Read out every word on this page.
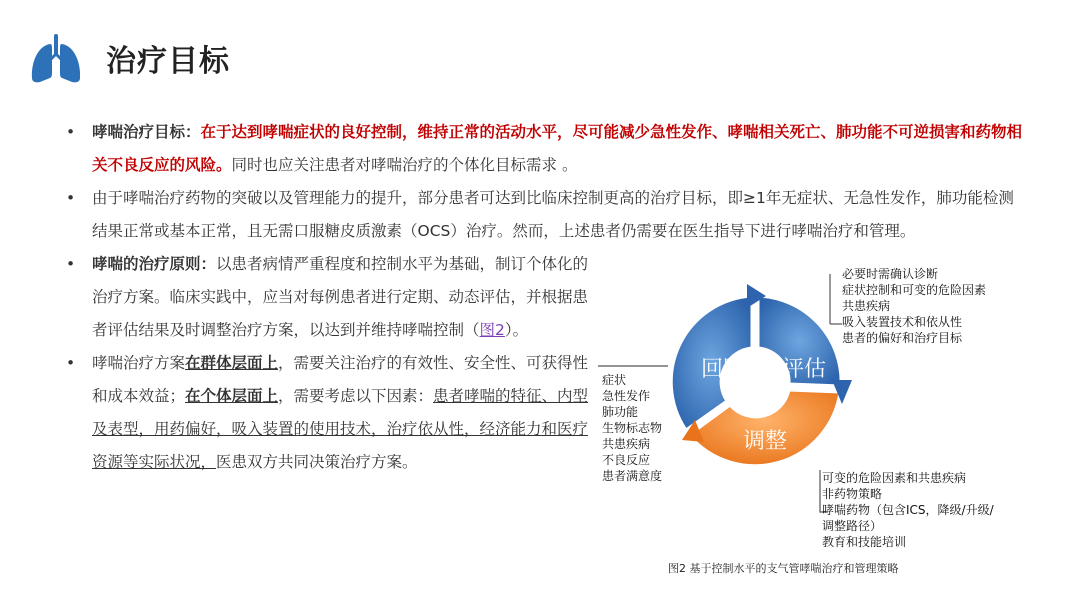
治疗目标
• 哮喘治疗目标：在于达到哮喘症状的良好控制，维持正常的活动水平，尽可能减少急性发作、哮喘相关死亡、肺功能不可逆损害和药物相关不良反应的风险。同时也应关注患者对哮喘治疗的个体化目标需求 。
• 由于哮喘治疗药物的突破以及管理能力的提升，部分患者可达到比临床控制更高的治疗目标，即≥1年无症状、无急性发作，肺功能检测结果正常或基本正常，且无需口服糖皮质激素（OCS）治疗。然而，上述患者仍需要在医生指导下进行哮喘治疗和管理。
• 哮喘的治疗原则：以患者病情严重程度和控制水平为基础，制订个体化的治疗方案。临床实践中，应当对每例患者进行定期、动态评估，并根据患者评估结果及时调整治疗方案，以达到并维持哮喘控制（图2）。
• 哮喘治疗方案在群体层面上，需要关注治疗的有效性、安全性、可获得性和成本效益；在个体层面上，需要考虑以下因素：患者哮喘的特征、内型及表型，用药偏好，吸入装置的使用技术，治疗依从性，经济能力和医疗资源等实际状况，医患双方共同决策治疗方案。
回顾 评估
调整
必要时需确认诊断
症状控制和可变的危险因素
共患疾病
吸入装置技术和依从性
患者的偏好和治疗目标
症状
急性发作
肺功能
生物标志物
共患疾病
不良反应
患者满意度	可变的危险因素和共患疾病
非药物策略
哮喘药物（包含ICS，降级/升级/
调整路径）
教育和技能培训
图2 基于控制水平的支气管哮喘治疗和管理策略
